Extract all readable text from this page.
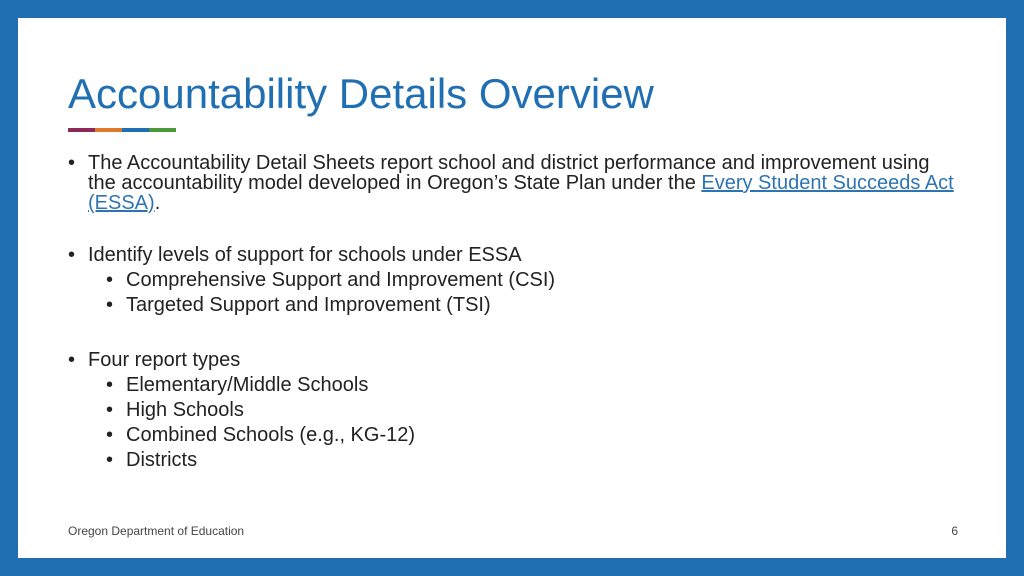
Accountability Details Overview
• The Accountability Detail Sheets report school and district performance and improvement using the accountability model developed in Oregon’s State Plan under the Every Student Succeeds Act (ESSA).
• Identify levels of support for schools under ESSA
• Comprehensive Support and Improvement (CSI)
• Targeted Support and Improvement (TSI)
• Four report types
• Elementary/Middle Schools
• High Schools
• Combined Schools (e.g., KG-12)
• Districts
Oregon Department of Education	6
